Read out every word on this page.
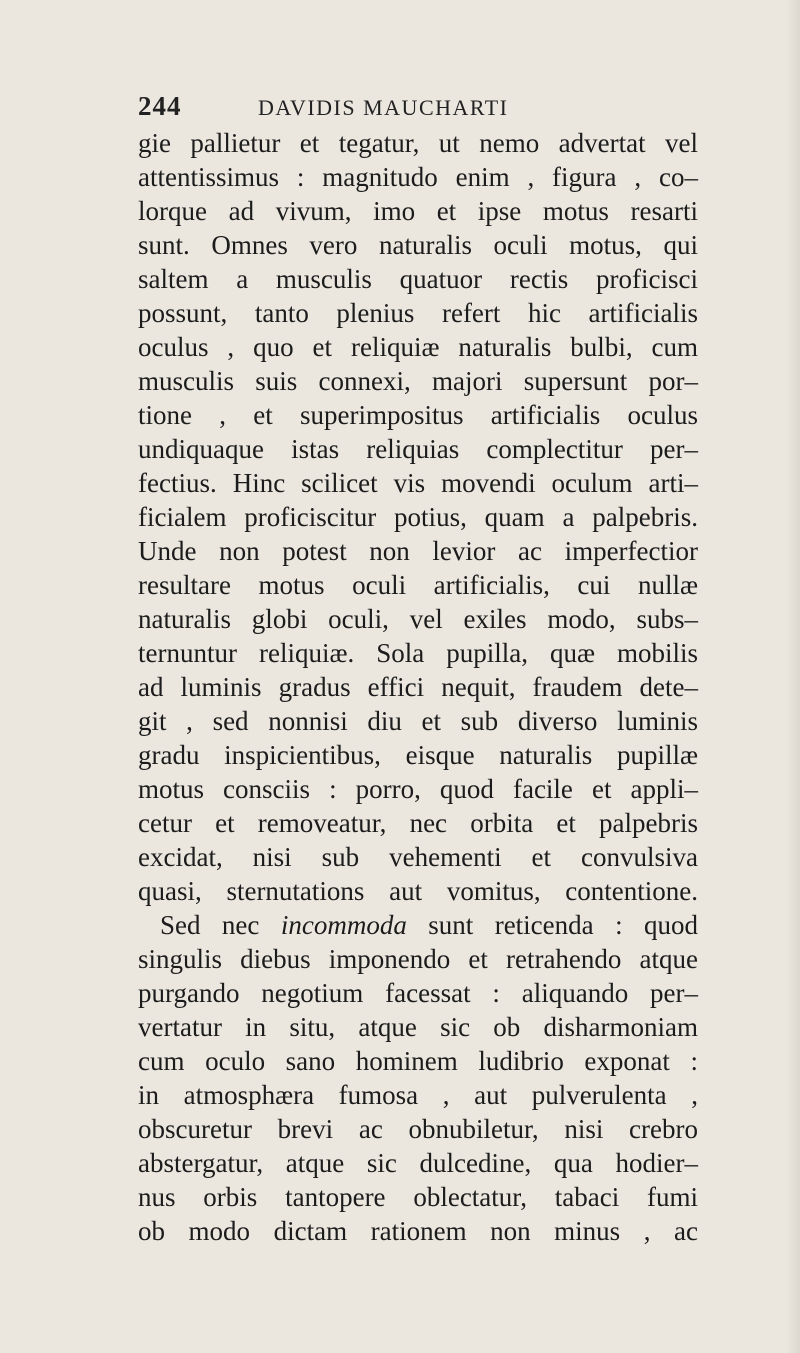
244	DAVIDIS MAUCHARTI
gie pallietur et tegatur, ut nemo advertat vel
attentissimus : magnitudo enim , figura , co–
lorque ad vivum, imo et ipse motus resarti
sunt. Omnes vero naturalis oculi motus, qui
saltem a musculis quatuor rectis proficisci
possunt, tanto plenius refert hic artificialis
oculus , quo et reliquiæ naturalis bulbi, cum
musculis suis connexi, majori supersunt por–
tione , et superimpositus artificialis oculus
undiquaque istas reliquias complectitur per–
fectius. Hinc scilicet vis movendi oculum arti–
ficialem proficiscitur potius, quam a palpebris.
Unde non potest non levior ac imperfectior
resultare motus oculi artificialis, cui nullæ
naturalis globi oculi, vel exiles modo, subs–
ternuntur reliquiæ. Sola pupilla, quæ mobilis
ad luminis gradus effici nequit, fraudem dete–
git , sed nonnisi diu et sub diverso luminis
gradu inspicientibus, eisque naturalis pupillæ
motus consciis : porro, quod facile et appli–
cetur et removeatur, nec orbita et palpebris
excidat, nisi sub vehementi et convulsiva
quasi, sternutations aut vomitus, contentione.
Sed nec incommoda sunt reticenda : quod
singulis diebus imponendo et retrahendo atque
purgando negotium facessat : aliquando per–
vertatur in situ, atque sic ob disharmoniam
cum oculo sano hominem ludibrio exponat :
in atmosphæra fumosa , aut pulverulenta ,
obscuretur brevi ac obnubiletur, nisi crebro
abstergatur, atque sic dulcedine, qua hodier–
nus orbis tantopere oblectatur, tabaci fumi
ob modo dictam rationem non minus , ac
